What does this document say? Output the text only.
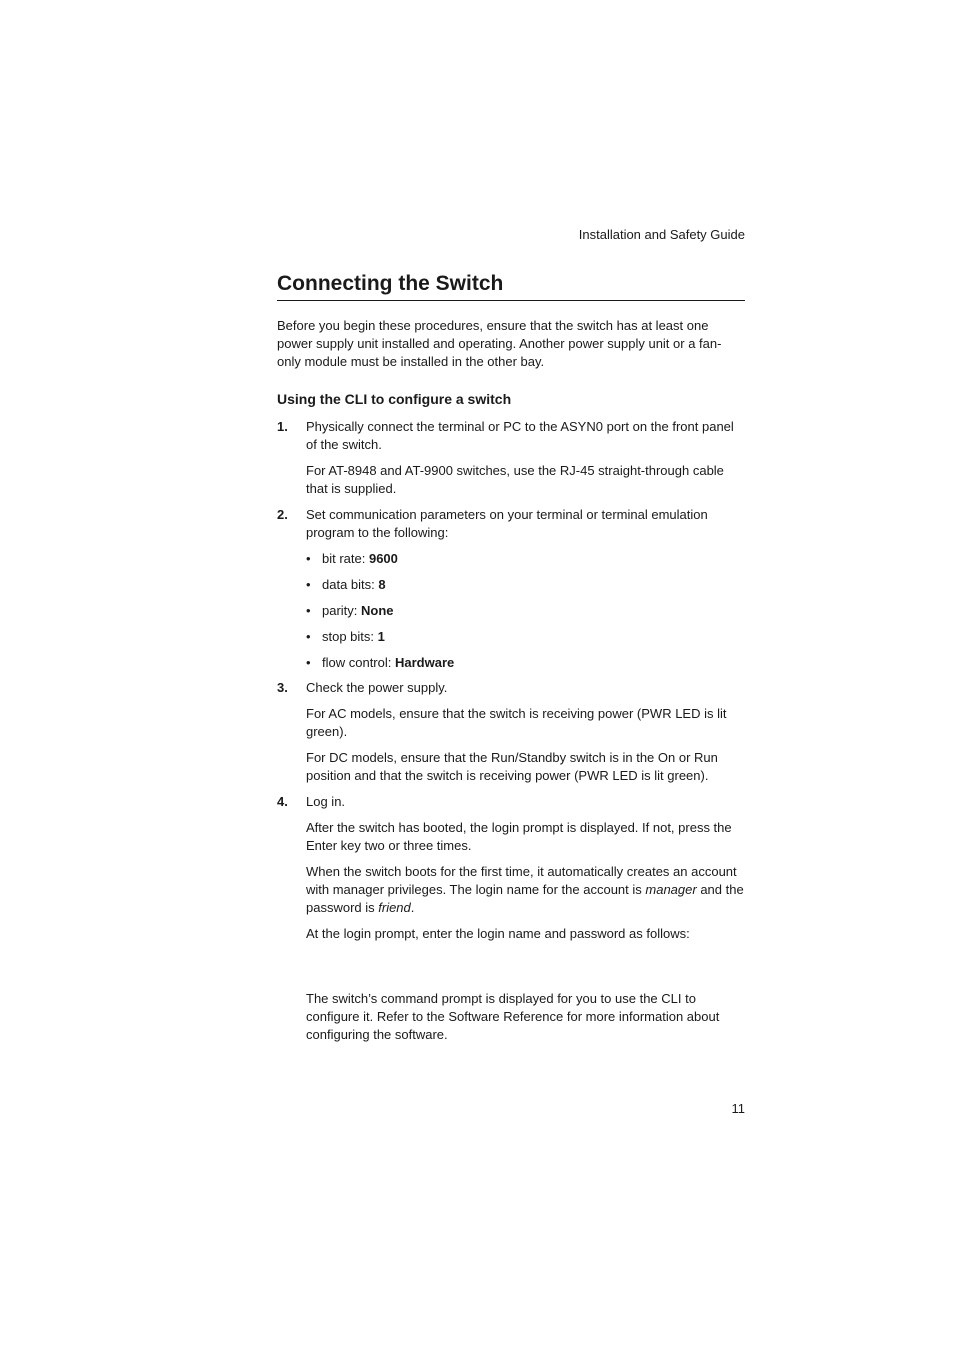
Installation and Safety Guide
Connecting the Switch

Before you begin these procedures, ensure that the switch has at least one power supply unit installed and operating. Another power supply unit or a fan-only module must be installed in the other bay.

Using the CLI to configure a switch
1.	Physically connect the terminal or PC to the ASYN0 port on the front panel of the switch.

For AT-8948 and AT-9900 switches, use the RJ-45 straight-through cable that is supplied.

2.	Set communication parameters on your terminal or terminal emulation program to the following:

• bit rate: 9600
• data bits: 8
• parity: None
• stop bits: 1
• flow control: Hardware
3.	Check the power supply.

For AC models, ensure that the switch is receiving power (PWR LED is lit green).

For DC models, ensure that the Run/Standby switch is in the On or Run position and that the switch is receiving power (PWR LED is lit green).

4.	Log in.

After the switch has booted, the login prompt is displayed. If not, press the Enter key two or three times.

When the switch boots for the first time, it automatically creates an account with manager privileges. The login name for the account is manager and the password is friend.

At the login prompt, enter the login name and password as follows:

The switch’s command prompt is displayed for you to use the CLI to configure it. Refer to the Software Reference for more information about configuring the software.

11
